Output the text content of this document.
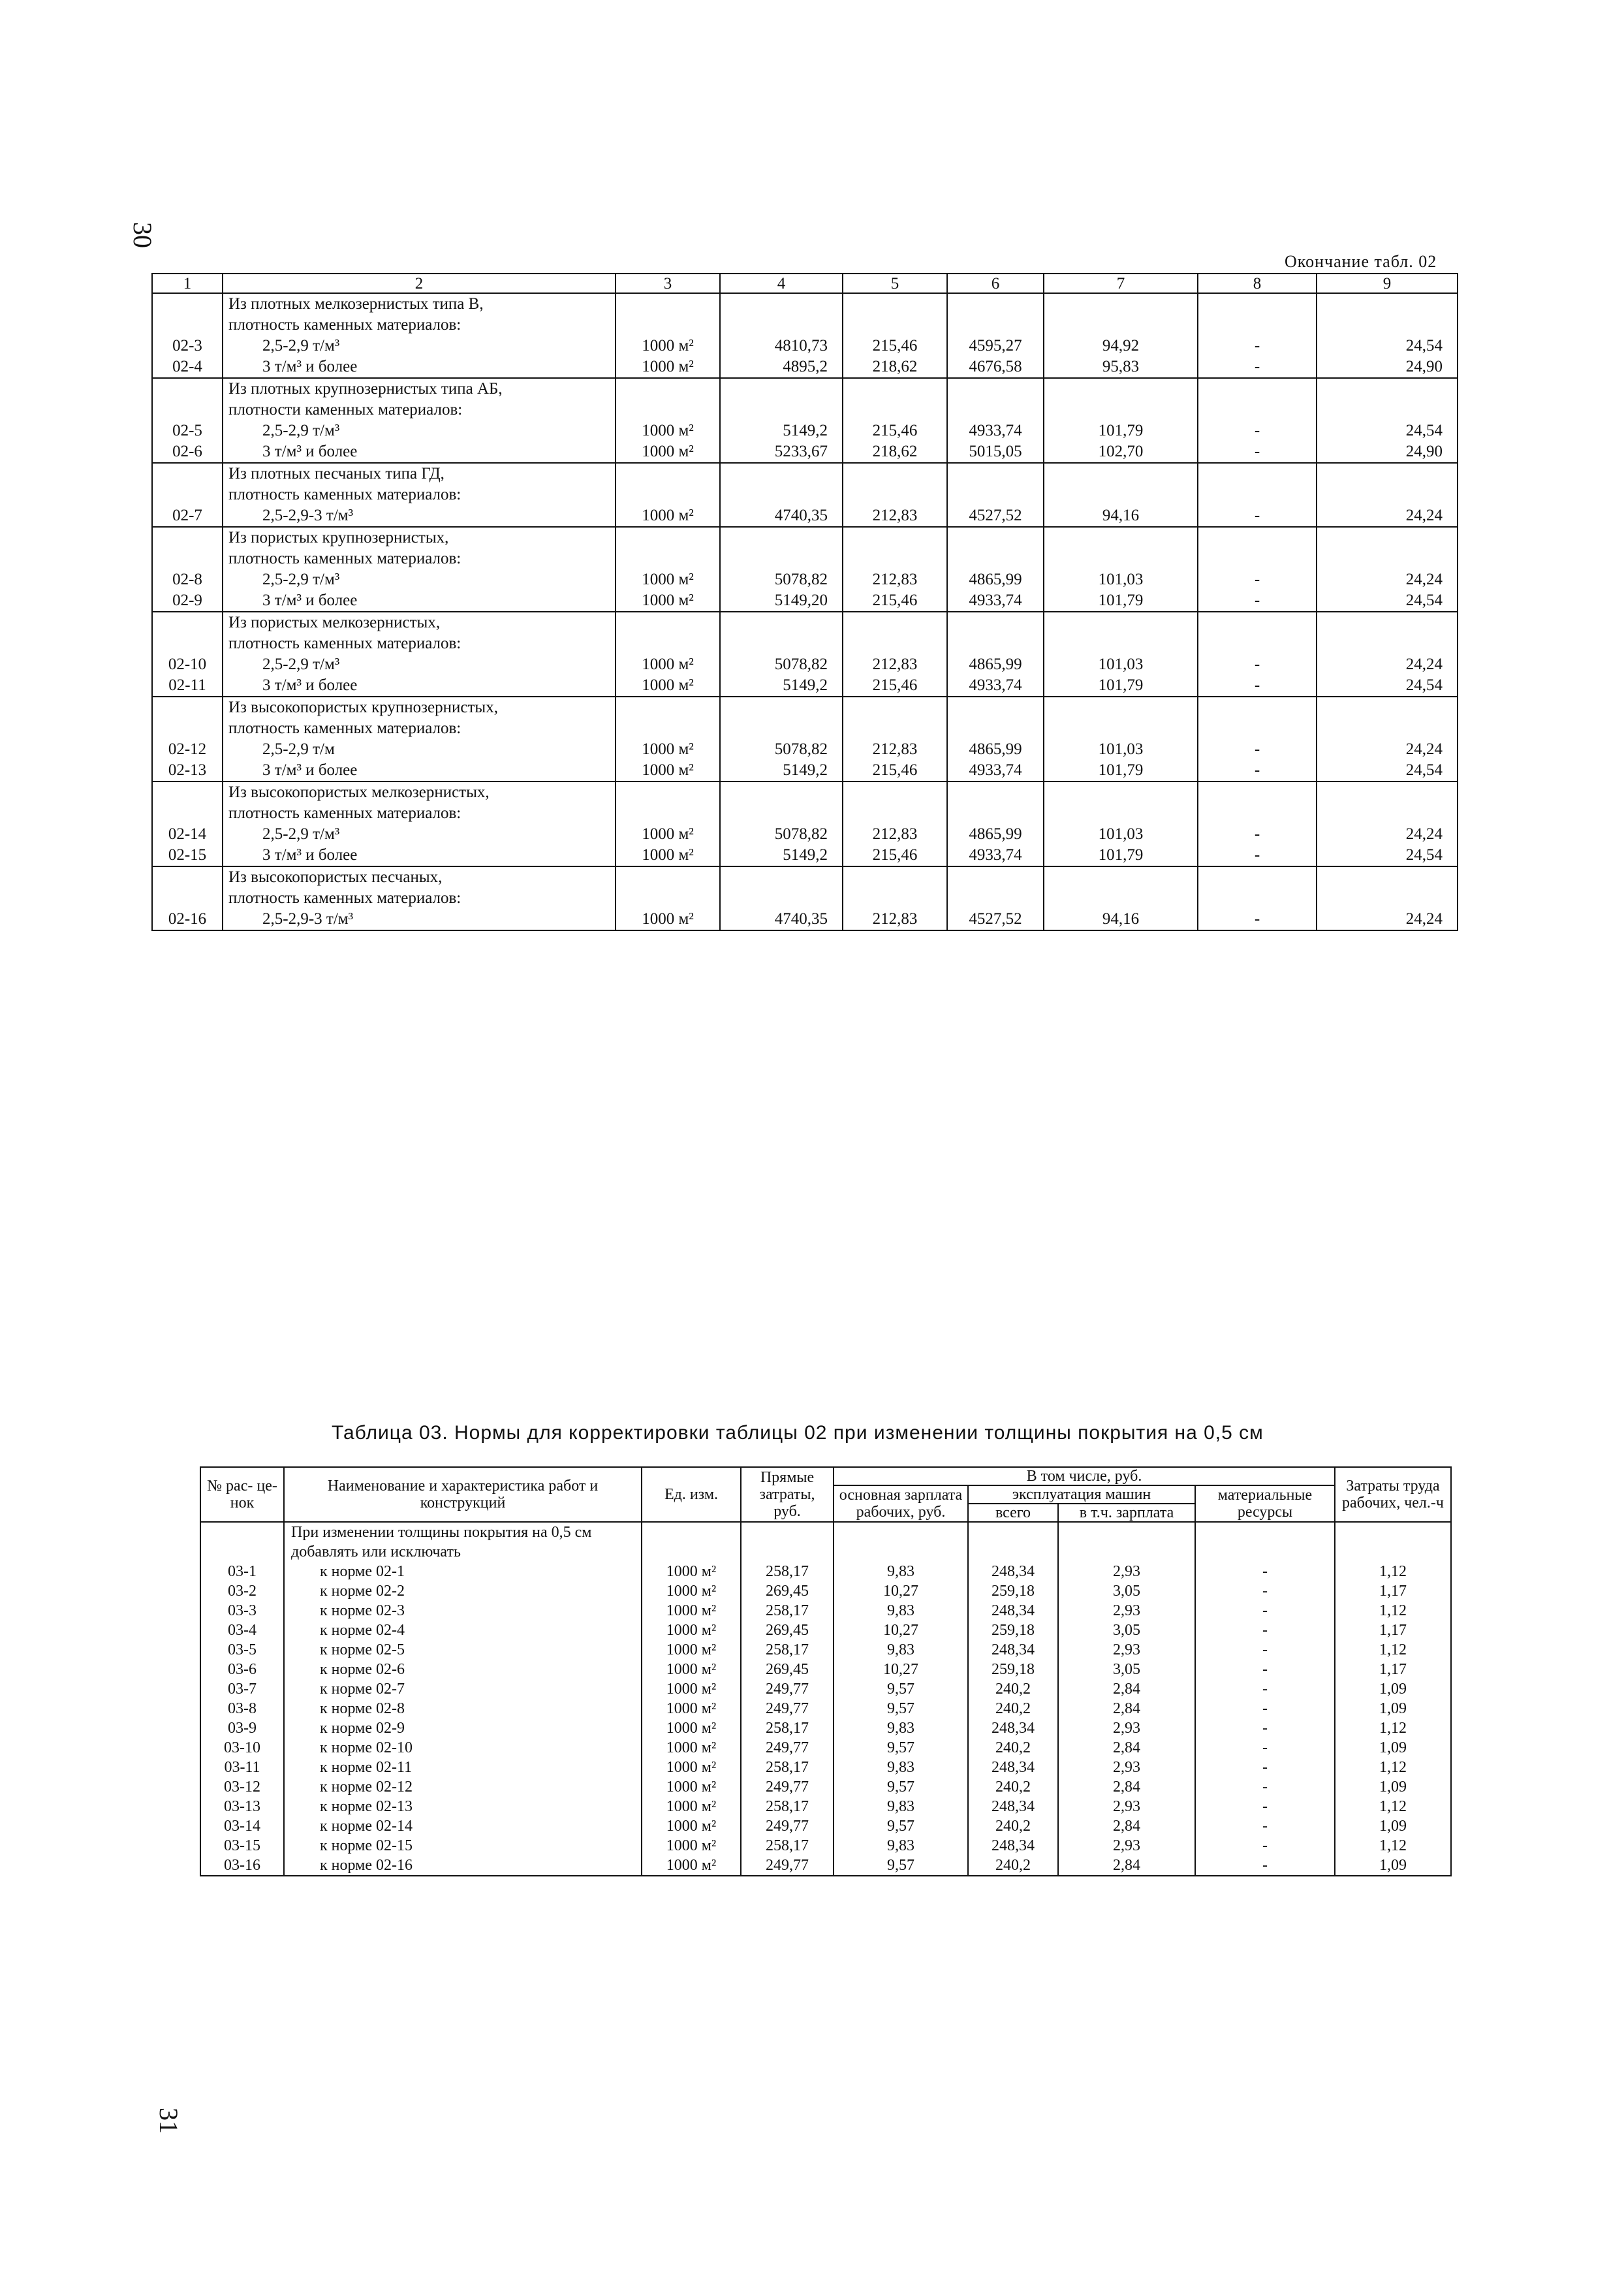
30
31
Окончание табл. 02
1	2	3	4	5	6	7	8	9
	Из плотных мелкозернистых типа В,							
	плотность каменных материалов:							
02-3	2,5-2,9 т/м³	1000 м²	4810,73	215,46	4595,27	94,92	-	24,54
02-4	3 т/м³ и более	1000 м²	4895,2	218,62	4676,58	95,83	-	24,90
	Из плотных крупнозернистых типа АБ,							
	плотности каменных материалов:							
02-5	2,5-2,9 т/м³	1000 м²	5149,2	215,46	4933,74	101,79	-	24,54
02-6	3 т/м³ и более	1000 м²	5233,67	218,62	5015,05	102,70	-	24,90
	Из плотных песчаных типа ГД,							
	плотность каменных материалов:							
02-7	2,5-2,9-3 т/м³	1000 м²	4740,35	212,83	4527,52	94,16	-	24,24
	Из пористых крупнозернистых,							
	плотность каменных материалов:							
02-8	2,5-2,9 т/м³	1000 м²	5078,82	212,83	4865,99	101,03	-	24,24
02-9	3 т/м³ и более	1000 м²	5149,20	215,46	4933,74	101,79	-	24,54
	Из пористых мелкозернистых,							
	плотность каменных материалов:							
02-10	2,5-2,9 т/м³	1000 м²	5078,82	212,83	4865,99	101,03	-	24,24
02-11	3 т/м³ и более	1000 м²	5149,2	215,46	4933,74	101,79	-	24,54
	Из высокопористых крупнозернистых,							
	плотность каменных материалов:							
02-12	2,5-2,9 т/м	1000 м²	5078,82	212,83	4865,99	101,03	-	24,24
02-13	3 т/м³ и более	1000 м²	5149,2	215,46	4933,74	101,79	-	24,54
	Из высокопористых мелкозернистых,							
	плотность каменных материалов:							
02-14	2,5-2,9 т/м³	1000 м²	5078,82	212,83	4865,99	101,03	-	24,24
02-15	3 т/м³ и более	1000 м²	5149,2	215,46	4933,74	101,79	-	24,54
	Из высокопористых песчаных,							
	плотность каменных материалов:							
02-16	2,5-2,9-3 т/м³	1000 м²	4740,35	212,83	4527,52	94,16	-	24,24
Таблица 03. Нормы для корректировки таблицы 02 при изменении толщины покрытия на 0,5 см
№ рас- це- нок	Наименование и характеристика работ и конструкций	Ед. изм.	Прямые затраты, руб.	В том числе, руб.				Затраты труда рабочих, чел.-ч
				основная зарплата рабочих, руб.	эксплуатация машин		материальные ресурсы	
					всего	в т.ч. зарплата		
	При изменении толщины покрытия на 0,5 см добавлять или исключать							
03-1	к норме 02-1	1000 м²	258,17	9,83	248,34	2,93	-	1,12
03-2	к норме 02-2	1000 м²	269,45	10,27	259,18	3,05	-	1,17
03-3	к норме 02-3	1000 м²	258,17	9,83	248,34	2,93	-	1,12
03-4	к норме 02-4	1000 м²	269,45	10,27	259,18	3,05	-	1,17
03-5	к норме 02-5	1000 м²	258,17	9,83	248,34	2,93	-	1,12
03-6	к норме 02-6	1000 м²	269,45	10,27	259,18	3,05	-	1,17
03-7	к норме 02-7	1000 м²	249,77	9,57	240,2	2,84	-	1,09
03-8	к норме 02-8	1000 м²	249,77	9,57	240,2	2,84	-	1,09
03-9	к норме 02-9	1000 м²	258,17	9,83	248,34	2,93	-	1,12
03-10	к норме 02-10	1000 м²	249,77	9,57	240,2	2,84	-	1,09
03-11	к норме 02-11	1000 м²	258,17	9,83	248,34	2,93	-	1,12
03-12	к норме 02-12	1000 м²	249,77	9,57	240,2	2,84	-	1,09
03-13	к норме 02-13	1000 м²	258,17	9,83	248,34	2,93	-	1,12
03-14	к норме 02-14	1000 м²	249,77	9,57	240,2	2,84	-	1,09
03-15	к норме 02-15	1000 м²	258,17	9,83	248,34	2,93	-	1,12
03-16	к норме 02-16	1000 м²	249,77	9,57	240,2	2,84	-	1,09
